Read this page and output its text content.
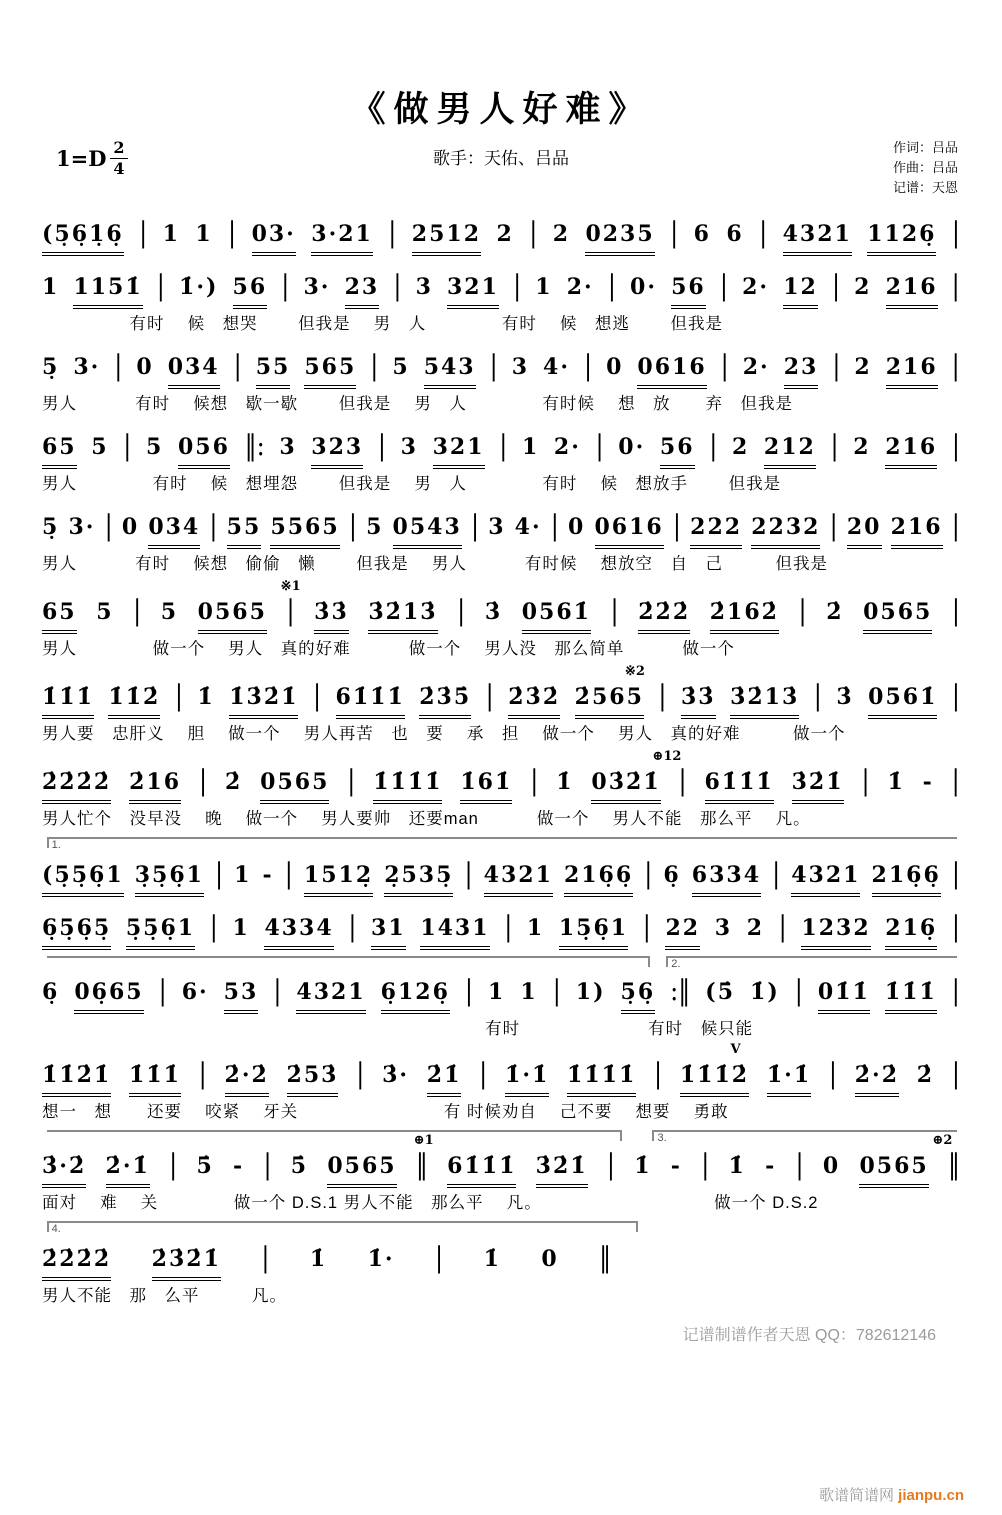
《做男人好难》
$1=D \frac{2}{4}$	歌手：天佑、吕品
作词：吕品
作曲：吕品
记谱：天恩
(5̣6̣1̣6̣ | 1 1 | 03· 3·21 | 2512 2 | 2 0235 | 6 6 | 4321 1126̣ |
1 1151̇ | 1̇·) 56 | 3· 23 | 3 321 | 1 2· | 0· 56 | 2· 12 | 2 216 |
　　　　　有时　 候　想哭　　 但我是　 男　人　　　　 有时　 候　想逃　　 但我是
5̣ 3· | 0 034 | 55 565 | 5 543 | 3 4· | 0 0616 | 2· 23 | 2 216 |
男人　　　 有时　 候想　歇一歇　　 但我是　 男　人　　　　 有时候　 想　放　　弃　但我是
65 5 | 5 056 ‖: 3 323 | 3 321 | 1 2· | 0· 56 | 2 212 | 2 216 |
男人　　　　 有时　 候　想埋怨　　 但我是　 男　人　　　　 有时　 候　想放手　　 但我是
5̣ 3· | 0 034 | 55 5565 | 5 0543 | 3 4· | 0 0616 | 222 2232 | 20 216 |
男人　　　 有时　 候想　偷偷　懒　　 但我是　 男人　　　 有时候　 想放空　自　己　　　但我是
※1
65 5 | 5 0565 | 3̇3̇ 3̇2̇13̇ | 3̇ 0561̇ | 2̇2̇2̇ 2̇162̇ | 2̇ 0565 |
男人　　　　 做一个　 男人　真的好难　　　 做一个　 男人没　那么简单　　　 做一个
※2
1̇1̇1̇ 1̇1̇2̇ | 1̇ 1̇3̇2̇1̇ | 61̇1̇1̇ 2̇3̇5̇ | 2̇3̇2̇ 2̇565 | 3̇3̇ 3̇2̇13̇ | 3̇ 0561̇ |
男人要　忠肝义　 胆　 做一个　 男人再苦　也　要　 承　担　 做一个　 男人　真的好难　　　做一个
⊕12
2̇2̇2̇2̇ 2̇16 | 2̇ 0565 | 1̇1̇1̇1̇ 1̇61̇ | 1̇ 03̇2̇1̇ | 61̇1̇1̇ 3̇2̇1̇ | 1̇ - |
男人忙个　没早没　 晚　 做一个　 男人要帅　还要man　　　 做一个　 男人不能　那么平　 凡。
1.
(5̣5̣6̣1 3̣5̣6̣1 | 1 - | 1512̣ 2̣535̣ | 4321 216̣6̣ | 6̣ 6334 | 4321 216̣6̣ |
2.
6̣5̣6̣5̣ 5̣5̣6̣1 | 1 4334 | 31 1431 | 1 15̣6̣1 | 22 3 2 | 1232 216̣ |
6̣ 06̣65 | 6· 53 | 4321 6̣126̣ | 1 1 | 1) 5̣6̣ :‖ (5̇ 1̇) | 01̇1̇ 1̇1̇1̇ |
　　　　　　　　　　　　　　　　　　　　　　　　　 有时　　　　　　　 有时　候只能
V
3.
1̇1̇2̇1̇ 1̇1̇1̇ | 2̇·2̇ 2̇53̇ | 3̇· 2̇1̇ | 1̇·1̇ 1̇1̇1̇1̇ | 1̇1̇1̇2̇ 1̇·1̇ | 2̇·2̇ 2̇ |
想一　想　　还要　 咬紧　 牙关　　　　　　　　 有 时候劝自　 己不要　 想要　 勇敢
⊕1	⊕2
3̇·2̇ 2̇·1̇ | 5̇ - | 5̇ 0565 ‖ 61̇1̇1̇ 3̇2̇1̇ | 1̇ - | 1̇ - | 0 0565 ‖
面对　 难　 关　　　　 做一个 D.S.1 男人不能　那么平　 凡。　　　　　　　　　　 做一个 D.S.2
4.
2̇2̇2̇2̇ 2̇3̇2̇1̇ | 1̇ 1̇· | 1̇ 0 ‖
男人不能　那　么平　　　凡。
记谱制谱作者天恩 QQ：782612146
歌谱简谱网 jianpu.cn
